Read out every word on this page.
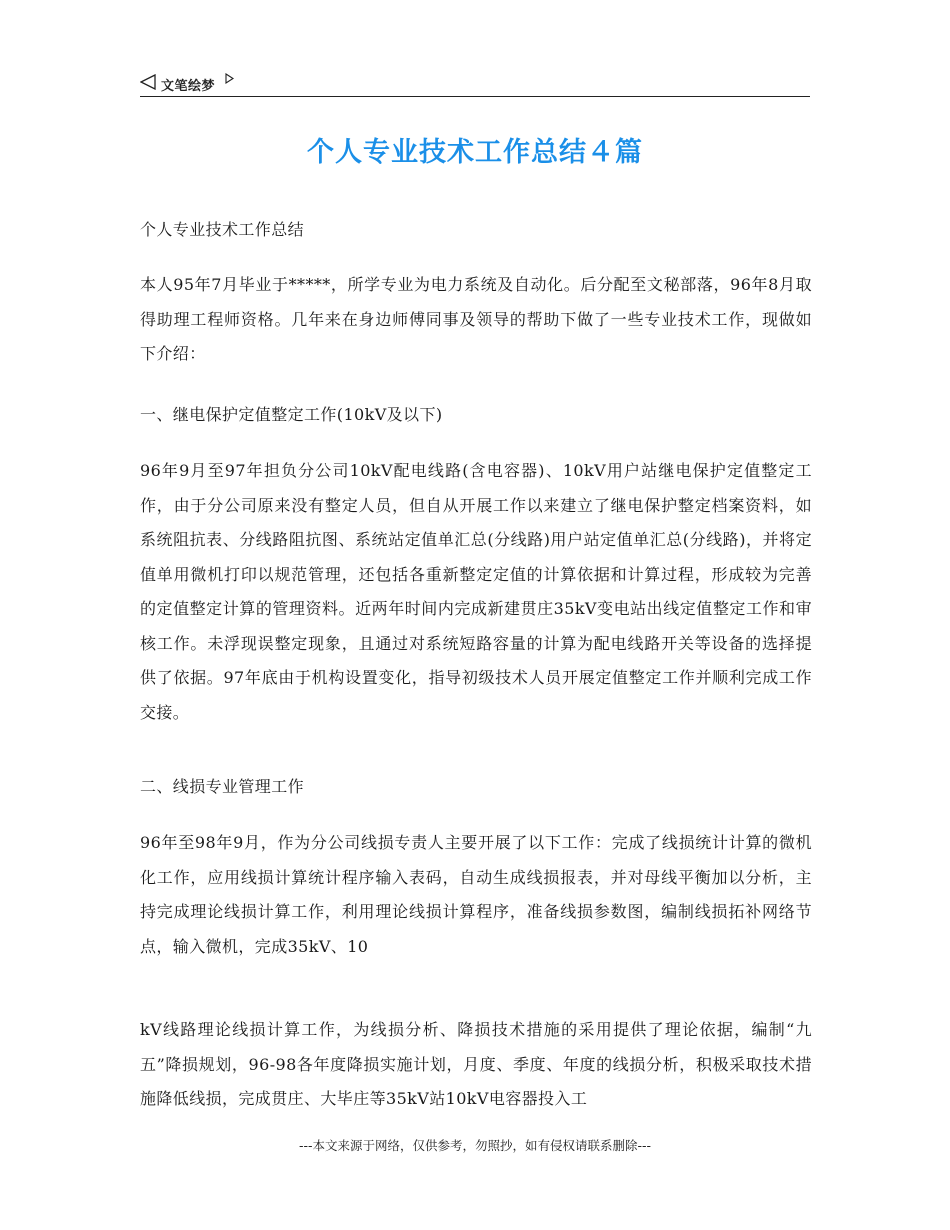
文笔绘梦
个人专业技术工作总结４篇

个人专业技术工作总结

本人95年7月毕业于*****，所学专业为电力系统及自动化。后分配至文秘部落，96年8月取得助理工程师资格。几年来在身边师傅同事及领导的帮助下做了一些专业技术工作，现做如下介绍：

一、继电保护定值整定工作(10kV及以下)

96年9月至97年担负分公司10kV配电线路(含电容器)、10kV用户站继电保护定值整定工作，由于分公司原来没有整定人员，但自从开展工作以来建立了继电保护整定档案资料，如系统阻抗表、分线路阻抗图、系统站定值单汇总(分线路)用户站定值单汇总(分线路)，并将定值单用微机打印以规范管理，还包括各重新整定定值的计算依据和计算过程，形成较为完善的定值整定计算的管理资料。近两年时间内完成新建贯庄35kV变电站出线定值整定工作和审核工作。未浮现误整定现象，且通过对系统短路容量的计算为配电线路开关等设备的选择提供了依据。97年底由于机构设置变化，指导初级技术人员开展定值整定工作并顺利完成工作交接。

二、线损专业管理工作

96年至98年9月，作为分公司线损专责人主要开展了以下工作：完成了线损统计计算的微机化工作，应用线损计算统计程序输入表码，自动生成线损报表，并对母线平衡加以分析，主持完成理论线损计算工作，利用理论线损计算程序，准备线损参数图，编制线损拓补网络节点，输入微机，完成35kV、10

kV线路理论线损计算工作，为线损分析、降损技术措施的采用提供了理论依据，编制“九五”降损规划，96-98各年度降损实施计划，月度、季度、年度的线损分析，积极采取技术措施降低线损，完成贯庄、大毕庄等35kV站10kV电容器投入工

---本文来源于网络，仅供参考，勿照抄，如有侵权请联系删除---
